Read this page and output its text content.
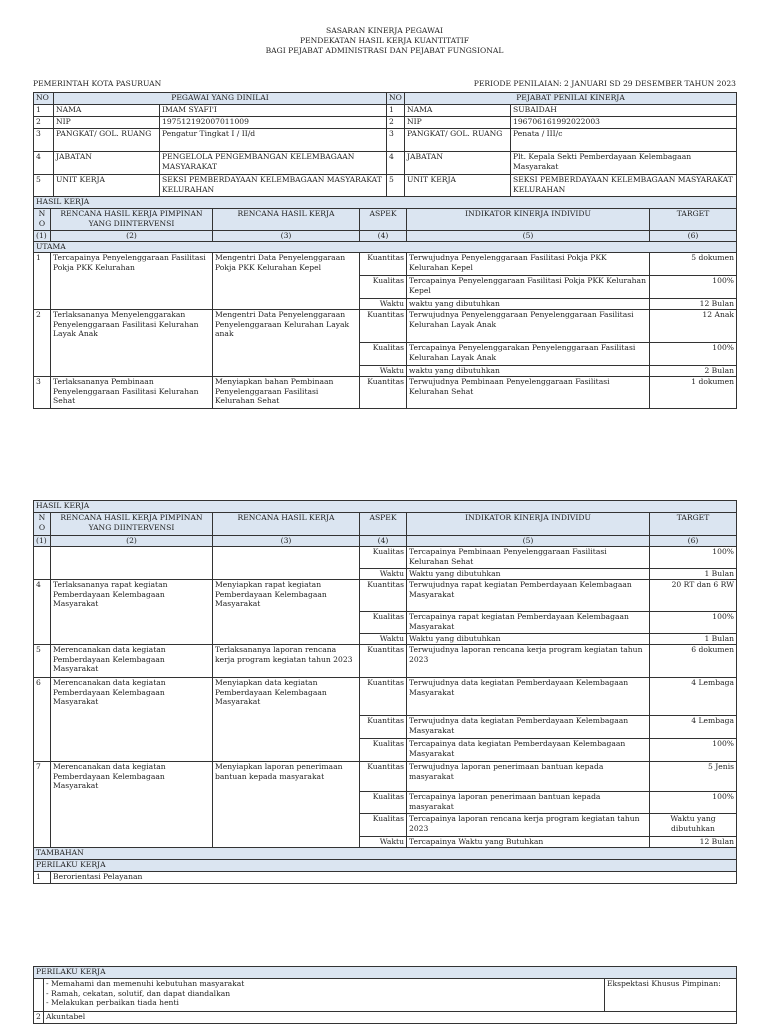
SASARAN KINERJA PEGAWAI
PENDEKATAN HASIL KERJA KUANTITATIF
BAGI PEJABAT ADMINISTRASI DAN PEJABAT FUNGSIONAL
PEMERINTAH KOTA PASURUAN	PERIODE PENILAIAN: 2 JANUARI SD 29 DESEMBER TAHUN 2023
NO	PEGAWAI YANG DINILAI		NO	PEJABAT PENILAI KINERJA	
1	NAMA	IMAM SYAFI'I	1	NAMA	SUBAIDAH
2	NIP	197512192007011009	2	NIP	196706161992022003
3	PANGKAT/ GOL. RUANG	Pengatur Tingkat I / II/d	3	PANGKAT/ GOL. RUANG	Penata / III/c
4	JABATAN	PENGELOLA PENGEMBANGAN KELEMBAGAAN MASYARAKAT	4	JABATAN	Plt. Kepala Sekti Pemberdayaan Kelembagaan Masyarakat
5	UNIT KERJA	SEKSI PEMBERDAYAAN KELEMBAGAAN MASYARAKAT KELURAHAN	5	UNIT KERJA	SEKSI PEMBERDAYAAN KELEMBAGAAN MASYARAKAT KELURAHAN
HASIL KERJA					
NO	RENCANA HASIL KERJA PIMPINAN YANG DIINTERVENSI	RENCANA HASIL KERJA	ASPEK	INDIKATOR KINERJA INDIVIDU	TARGET
(1)	(2)	(3)	(4)	(5)	(6)
UTAMA					
1	Tercapainya Penyelenggaraan Fasilitasi Pokja PKK Kelurahan	Mengentri Data Penyelenggaraan Pokja PKK Kelurahan Kepel	Kuantitas	Terwujudnya Penyelenggaraan Fasilitasi Pokja PKK Kelurahan Kepel	5 dokumen
			Kualitas	Tercapainya Penyelenggaraan Fasilitasi Pokja PKK Kelurahan Kepel	100%
			Waktu	waktu yang dibutuhkan	12 Bulan
2	Terlaksananya Menyelenggarakan Penyelenggaraan Fasilitasi Kelurahan Layak Anak	Mengentri Data Penyelenggaraan Penyelenggaraan Kelurahan Layak anak	Kuantitas	Terwujudnya Penyelenggaraan Penyelenggaraan Fasilitasi Kelurahan Layak Anak	12 Anak
			Kualitas	Tercapainya Penyelenggarakan Penyelenggaraan Fasilitasi Kelurahan Layak Anak	100%
			Waktu	waktu yang dibutuhkan	2 Bulan
3	Terlaksananya Pembinaan Penyelenggaraan Fasilitasi Kelurahan Sehat	Menyiapkan bahan Pembinaan Penyelenggaraan Fasilitasi Kelurahan Sehat	Kuantitas	Terwujudnya Pembinaan Penyelenggaraan Fasilitasi Kelurahan Sehat	1 dokumen
HASIL KERJA					
NO	RENCANA HASIL KERJA PIMPINAN YANG DIINTERVENSI	RENCANA HASIL KERJA	ASPEK	INDIKATOR KINERJA INDIVIDU	TARGET
(1)	(2)	(3)	(4)	(5)	(6)
			Kualitas	Tercapainya Pembinaan Penyelenggaraan Fasilitasi Kelurahan Sehat	100%
			Waktu	Waktu yang dibutuhkan	1 Bulan
4	Terlaksananya rapat kegiatan Pemberdayaan Kelembagaan Masyarakat	Menyiapkan rapat kegiatan Pemberdayaan Kelembagaan Masyarakat	Kuantitas	Terwujudnya rapat kegiatan Pemberdayaan Kelembagaan Masyarakat	20 RT dan 6 RW
			Kualitas	Tercapainya rapat kegiatan Pemberdayaan Kelembagaan Masyarakat	100%
			Waktu	Waktu yang dibutuhkan	1 Bulan
5	Merencanakan data kegiatan Pemberdayaan Kelembagaan Masyarakat	Terlaksananya laporan rencana kerja program kegiatan tahun 2023	Kuantitas	Terwujudnya laporan rencana kerja program kegiatan tahun 2023	6 dokumen
6	Merencanakan data kegiatan Pemberdayaan Kelembagaan Masyarakat	Menyiapkan data kegiatan Pemberdayaan Kelembagaan Masyarakat	Kuantitas	Terwujudnya data kegiatan Pemberdayaan Kelembagaan Masyarakat	4 Lembaga
			Kuantitas	Terwujudnya data kegiatan Pemberdayaan Kelembagaan Masyarakat	4 Lembaga
			Kualitas	Tercapainya data kegiatan Pemberdayaan Kelembagaan Masyarakat	100%
7	Merencanakan data kegiatan Pemberdayaan Kelembagaan Masyarakat	Menyiapkan laporan penerimaan bantuan kepada masyarakat	Kuantitas	Terwujudnya laporan penerimaan bantuan kepada masyarakat	5 Jenis
			Kualitas	Tercapainya laporan penerimaan bantuan kepada masyarakat	100%
			Kualitas	Tercapainya laporan rencana kerja program kegiatan tahun 2023	Waktu yang dibutuhkan
			Waktu	Tercapainya Waktu yang Butuhkan	12 Bulan
TAMBAHAN					
PERILAKU KERJA					
1	Berorientasi Pelayanan				
PERILAKU KERJA		

	- Memahami dan memenuhi kebutuhan masyarakat
- Ramah, cekatan, solutif, dan dapat diandalkan
- Melakukan perbaikan tiada henti	Ekspektasi Khusus Pimpinan:
2	Akuntabel	
